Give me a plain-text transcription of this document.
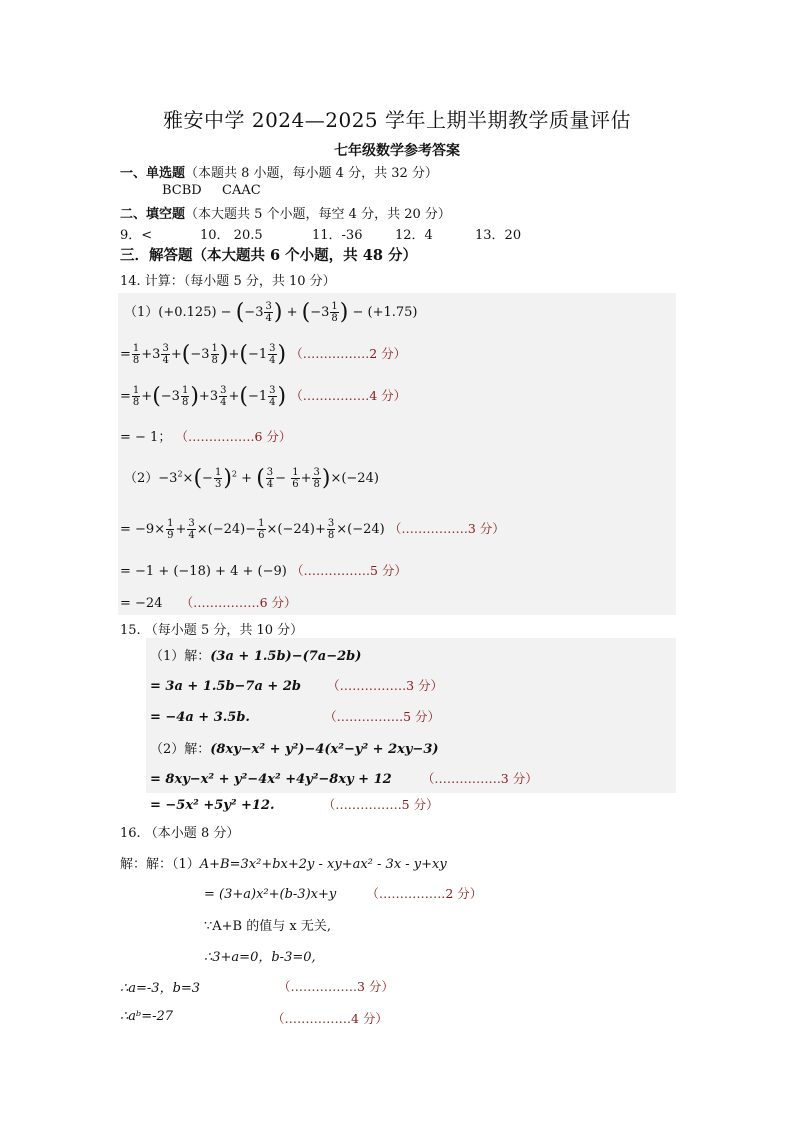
雅安中学 2024—2025 学年上期半期教学质量评估
七年级数学参考答案
一、单选题（本题共 8 小题，每小题 4 分，共 32 分）
BCBD CAAC
二、填空题（本大题共 5 个小题，每空 4 分，共 20 分）
9．<	10． 20.5	11．-36	12．4	13．20
三．解答题（本大题共 6 个小题，共 48 分）
14. 计算：（每小题 5 分，共 10 分）
$(1)(+0.125) - (-3 \frac{3}{4}$ ) + ($-3 \frac{1}{8}$ ) − (+1.75)
= $\frac{1}{8} +3 \frac{3}{4} +(-3 \frac{1}{8} )+(-1 \frac{3}{4}$ ) （…………….2 分）
= $\frac{1}{8} +(-3 \frac{1}{8} )+3 \frac{3}{4} +(-1 \frac{3}{4}$ ) （…………….4 分）
= − 1； （…………….6 分）
$(2)-3^2\times(- \frac{1}{3} )^2$ + ( $\frac{3}{4} - \frac{1}{6} + \frac{3}{8} )\times(-24)$
= $-9\times \frac{1}{9} + \frac{3}{4} \times(-24)- \frac{1}{6} \times(-24)+ \frac{3}{8} \times(-24)$ （…………….3 分）
= −1 + (−18) + 4 + (−9) （…………….5 分）
= −24 （…………….6 分）
15. （每小题 5 分，共 10 分）
（1）解：(3a + 1.5b)−(7a−2b)
= 3a + 1.5b−7a + 2b （…………….3 分）
= −4a + 3.5b.	（…………….5 分）
（2）解：(8xy−x² + y²)−4(x²−y² + 2xy−3)
= 8xy−x² + y²−4x² +4y²−8xy + 12 （…………….3 分）
= −5x² +5y² +12.	（…………….5 分）
16. （本小题 8 分）
解：解：（1）A+B=3x²+bx+2y - xy+ax² - 3x - y+xy
= (3+a)x²+(b-3)x+y （…………….2 分）
∵A+B 的值与 x 无关,
∴3+a=0，b-3=0,
∴a=-3，b=3	（…………….3 分）
∴aᵇ=-27	（…………….4 分）
